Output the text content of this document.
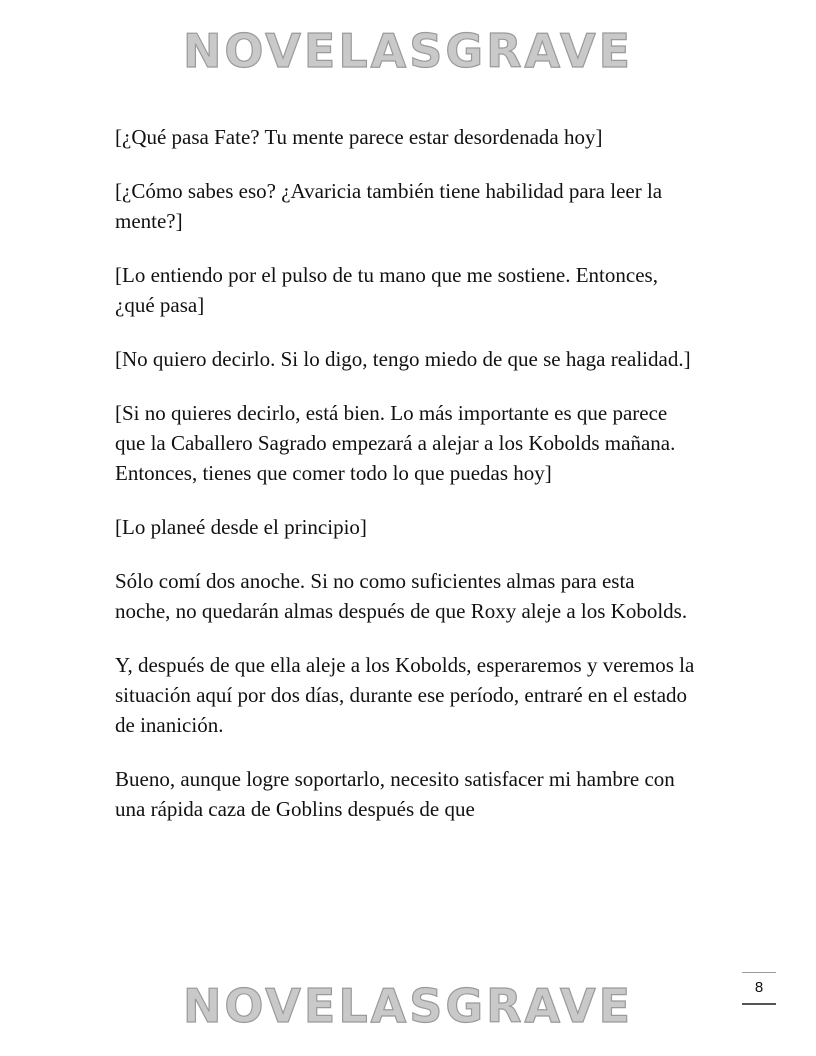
NOVELASGRAVE

[¿Qué pasa Fate? Tu mente parece estar desordenada hoy]

[¿Cómo sabes eso? ¿Avaricia también tiene habilidad para leer la mente?]

[Lo entiendo por el pulso de tu mano que me sostiene. Entonces, ¿qué pasa]

[No quiero decirlo. Si lo digo, tengo miedo de que se haga realidad.]

[Si no quieres decirlo, está bien. Lo más importante es que parece que la Caballero Sagrado empezará a alejar a los Kobolds mañana. Entonces, tienes que comer todo lo que puedas hoy]

[Lo planeé desde el principio]

Sólo comí dos anoche. Si no como suficientes almas para esta noche, no quedarán almas después de que Roxy aleje a los Kobolds.

Y, después de que ella aleje a los Kobolds, esperaremos y veremos la situación aquí por dos días, durante ese período, entraré en el estado de inanición.

Bueno, aunque logre soportarlo, necesito satisfacer mi hambre con una rápida caza de Goblins después de que

8
NOVELASGRAVE
